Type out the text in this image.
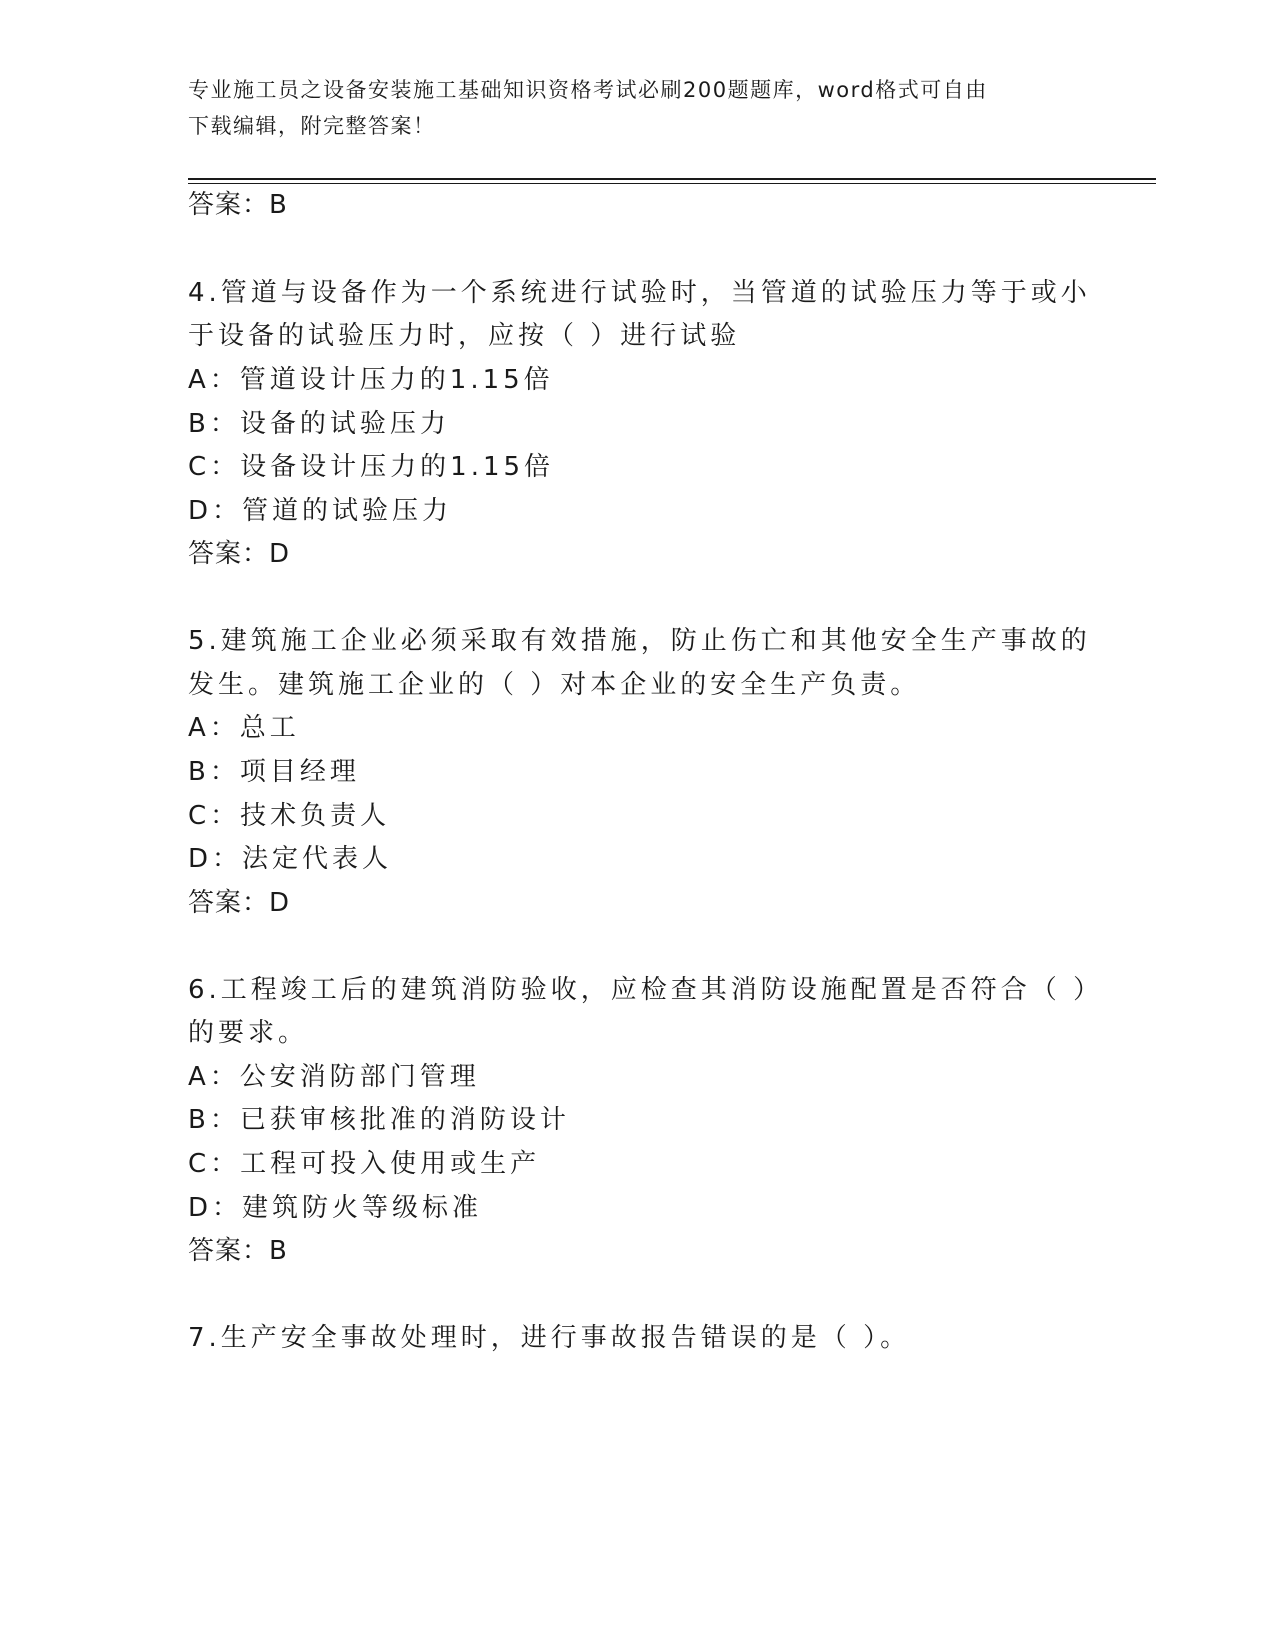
专业施工员之设备安装施工基础知识资格考试必刷200题题库，word格式可自由
下载编辑，附完整答案！
答案：B
4.管道与设备作为一个系统进行试验时，当管道的试验压力等于或小
于设备的试验压力时，应按（ ）进行试验
A：管道设计压力的1.15倍
B：设备的试验压力
C：设备设计压力的1.15倍
D：管道的试验压力
答案：D
5.建筑施工企业必须采取有效措施，防止伤亡和其他安全生产事故的
发生。建筑施工企业的（ ）对本企业的安全生产负责。
A：总工
B：项目经理
C：技术负责人
D：法定代表人
答案：D
6.工程竣工后的建筑消防验收，应检查其消防设施配置是否符合（ ）
的要求。
A：公安消防部门管理
B：已获审核批准的消防设计
C：工程可投入使用或生产
D：建筑防火等级标准
答案：B
7.生产安全事故处理时，进行事故报告错误的是（ ）。
